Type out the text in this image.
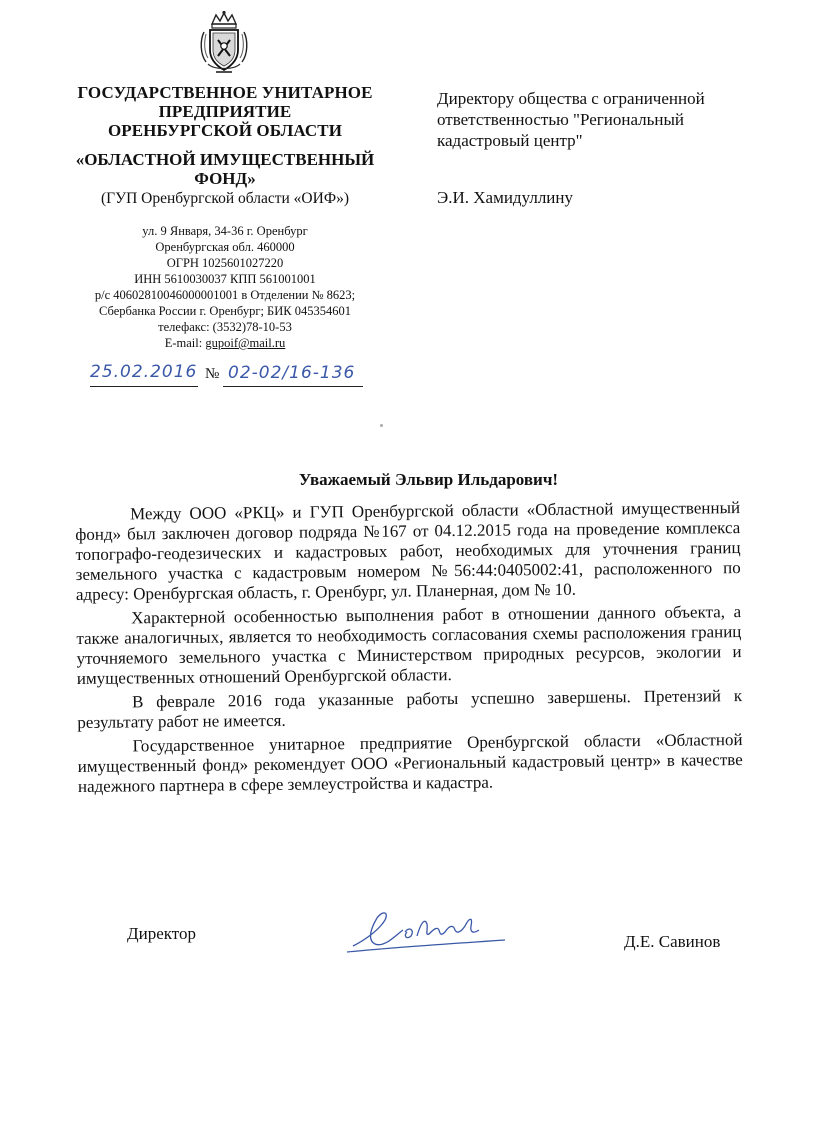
ГОСУДАРСТВЕННОЕ УНИТАРНОЕ
ПРЕДПРИЯТИЕ
ОРЕНБУРГСКОЙ ОБЛАСТИ
«ОБЛАСТНОЙ ИМУЩЕСТВЕННЫЙ
ФОНД»
(ГУП Оренбургской области «ОИФ»)
ул. 9 Января, 34-36 г. Оренбург
Оренбургская обл. 460000
ОГРН 1025601027220
ИНН 5610030037 КПП 561001001
р/с 40602810046000001001 в Отделении № 8623;
Сбербанка России г. Оренбург; БИК 045354601
телефакс: (3532)78-10-53
E-mail: gupoif@mail.ru
25.02.2016 № 02-02/16-136
Директору общества с ограниченной
ответственностью "Региональный
кадастровый центр"
Э.И. Хамидуллину
Уважаемый Эльвир Ильдарович!

Между ООО «РКЦ» и ГУП Оренбургской области «Областной имущественный фонд» был заключен договор подряда №167 от 04.12.2015 года на проведение комплекса топографо-геодезических и кадастровых работ, необходимых для уточнения границ земельного участка с кадастровым номером №56:44:0405002:41, расположенного по адресу: Оренбургская область, г. Оренбург, ул. Планерная, дом № 10.

Характерной особенностью выполнения работ в отношении данного объекта, а также аналогичных, является то необходимость согласования схемы расположения границ уточняемого земельного участка с Министерством природных ресурсов, экологии и имущественных отношений Оренбургской области.

В феврале 2016 года указанные работы успешно завершены. Претензий к результату работ не имеется.

Государственное унитарное предприятие Оренбургской области «Областной имущественный фонд» рекомендует ООО «Региональный кадастровый центр» в качестве надежного партнера в сфере землеустройства и кадастра.

Директор	Д.Е. Савинов
